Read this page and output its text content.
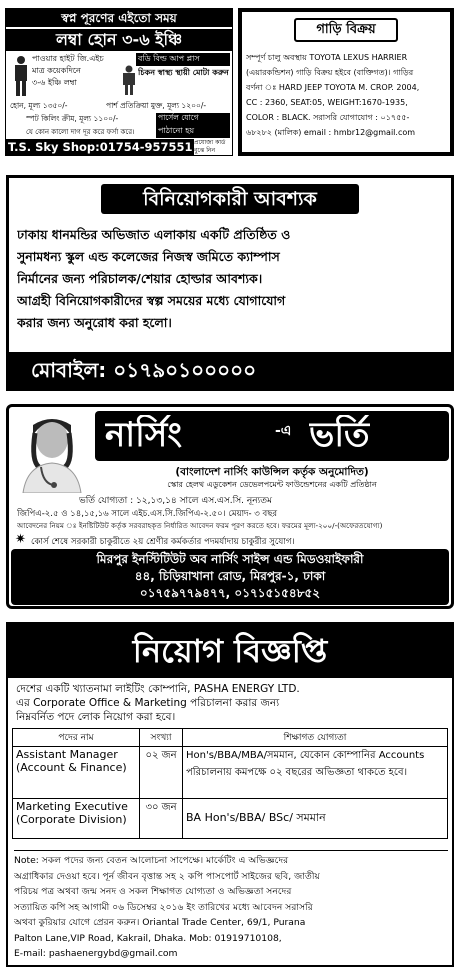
স্বপ্ন পূরণের এইতো সময়
লম্বা হোন ৩-৬ ইঞ্চি
পাওয়ার হাইট জি.এইচ	বডি বিল্ড আপ প্লাস
মাত্র কয়েকদিনে
৩-৬ ইঞ্চি লম্বা
চিকন স্বাস্থ্য স্থায়ী মোটা করুন
হোন, মূল্য ১৩৫০/-	পার্শ প্রতিক্রিয়া মুক্ত, মূল্য ১২০০/-
স্পট কিলিং ক্রীম, মূল্য ১১০০/-	পার্সেল যোগে
যে কোন কালো দাগ দূর করে ফর্সা করে।	পাঠানো হয়
T.S. Sky Shop:01754-957551 প্রযোজ্য কার্ড বুঝে নিন
গাড়ি বিক্রয়
সম্পূর্ণ চালু অবস্থায় TOYOTA LEXUS HARRIER
(এয়ারকন্ডিশন) গাড়ি বিক্রয় হইবে (বাক্তিগত)। গাড়ির
বর্ণনা ঃ HARD JEEP TOYOTA M. CROP. 2004,
CC : 2360, SEAT:05, WEIGHT:1670-1935,
COLOR : BLACK. সরাসরি যোগাযোগ : ০১৭৫৫-
৬৮২৮২ (মালিক) email : hmbr12@gmail.com
বিনিয়োগকারী আবশ্যক
ঢাকায় ধানমন্ডির অভিজাত এলাকায় একটি প্রতিষ্ঠিত ও
সুনামধন্য স্কুল এন্ড কলেজের নিজস্ব জমিতে ক্যাম্পাস
নির্মানের জন্য পরিচালক/শেয়ার হোল্ডার আবশ্যক।
আগ্রহী বিনিয়োগকারীদের স্বল্প সময়ের মধ্যে যোগাযোগ
করার জন্য অনুরোধ করা হলো।
মোবাইল: ০১৭৯০১০০০০০
নার্সিং	-এ ভর্তি
(বাংলাদেশ নার্সিং কাউন্সিল কর্তৃক অনুমোদিত)
স্কোর হেলথ এডুকেশন ডেভেলপমেন্ট ফাউন্ডেশনের একটি প্রতিষ্ঠান
ভর্তি যোগ্যতা : ১২,১৩,১৪ সালে এস.এস.সি. নূন্যতম
জিপিএ-২.৫ ও ১৪,১৫,১৬ সালে এইচ.এস.সি.জিপিএ-২.৫০। মেয়াদ- ৩ বছর
আবেদনের নিয়ম ঃ ইনষ্টিটিউট কর্তৃক সরবরাহকৃত নির্ধারিত আবেদন ফরম পূরণ করতে হবে। ফরমের মূল্য-২০০/-(অফেরতযোগ্য)
✷ কোর্স শেষে সরকারী চাকুরীতে ২য় শ্রেণীর কর্মকর্তার পদমর্যাদায় চাকুরীর সুযোগ।
মিরপুর ইনস্টিটিউট অব নার্সিং সাইন্স এন্ড মিডওয়াইফারী
৪৪, চিড়িয়াখানা রোড, মিরপুর-১, ঢাকা
০১৭৫৯৭৭৯৪৭৭, ০১৭১৫১৫৪৮৫২
নিয়োগ বিজ্ঞপ্তি
দেশের একটি খ্যাতনামা লাইটিং কোম্পানি, PASHA ENERGY LTD.
এর Corporate Office & Marketing পরিচালনা করার জন্য
নিম্নবর্নিত পদে লোক নিয়োগ করা হবে।
পদের নাম	সংখ্যা	শিক্ষাগত যোগ্যতা
Assistant Manager (Account & Finance)	০২ জন	Hon's/BBA/MBA/সমমান, যেকোন কোম্পানির Accounts পরিচালনায় কমপক্ষে ০২ বছরের অভিজ্ঞতা থাকতে হবে।
Marketing Executive (Corporate Division)	৩০ জন	BA Hon's/BBA/ BSc/ সমমান
Note: সকল পদের জন্য বেতন আলোচনা সাপেক্ষে। মার্কেটিং এ অভিজ্ঞদের
অগ্রাধিকার দেওয়া হবে। পূর্ন জীবন বৃত্তান্ত সহ ২ কপি পাসপোর্ট সাইজের ছবি, জাতীয়
পরিচয় পত্র অথবা জন্ম সনদ ও সকল শিক্ষাগত যোগ্যতা ও অভিজ্ঞতা সনদের
সত্যায়িত কপি সহ আগামী ০৬ ডিসেম্বর ২০১৬ ইং তারিখের মধ্যে আবেদন সরাসরি
অথবা কুরিয়ার যোগে প্রেরন করুন। Oriantal Trade Center, 69/1, Purana
Palton Lane,VIP Road, Kakrail, Dhaka. Mob: 01919710108,
E-mail: pashaenergybd@gmail.com
